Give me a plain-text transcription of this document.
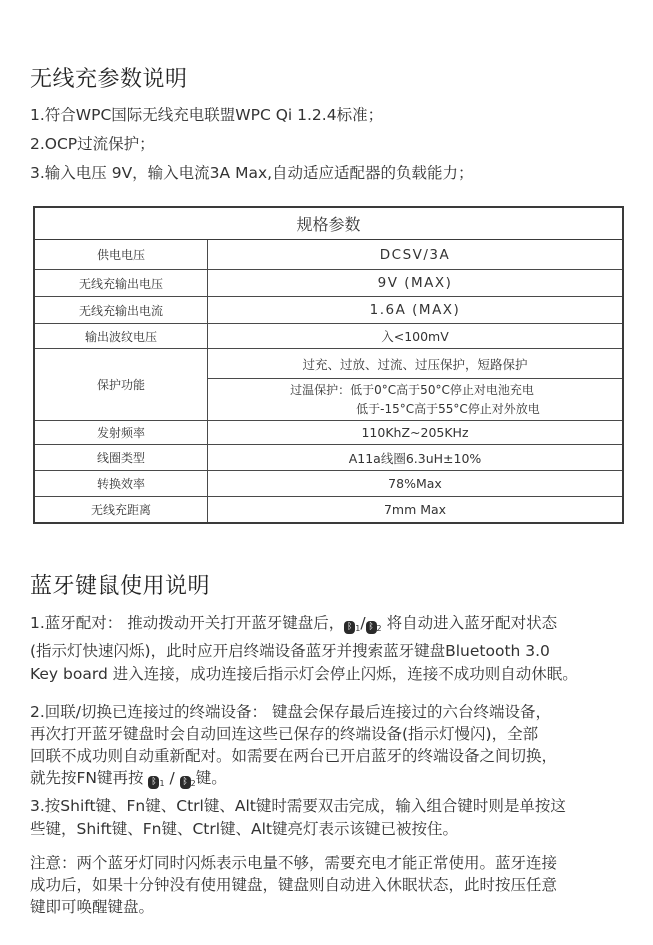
无线充参数说明

1.符合WPC国际无线充电联盟WPC Qi 1.2.4标准；

2.OCP过流保护；

3.输入电压 9V，输入电流3A Max,自动适应适配器的负载能力；

规格参数	
供电电压	DCSV/3A
无线充输出电压	9V (MAX)
无线充输出电流	1.6A (MAX)
输出波纹电压	入<100mV
保护功能	过充、过放、过流、过压保护，短路保护

	过温保护：低于0°C高于50°C停止对电池充电
低于-15°C高于55°C停止对外放电

发射频率	110KhZ~205KHz
线圈类型	A11a线圈6.3uH±10%
转换效率	78%Max
无线充距离	7mm Max
蓝牙键鼠使用说明
1.蓝牙配对： 推动拨动开关打开蓝牙键盘后， ᛒ $_1$/ ᛒ $_2$ 将自动进入蓝牙配对状态
(指示灯快速闪烁)，此时应开启终端设备蓝牙并搜索蓝牙键盘Bluetooth 3.0
Key board 进入连接，成功连接后指示灯会停止闪烁，连接不成功则自动休眠。
2.回联/切换已连接过的终端设备： 键盘会保存最后连接过的六台终端设备，
再次打开蓝牙键盘时会自动回连这些已保存的终端设备(指示灯慢闪)，全部
回联不成功则自动重新配对。如需要在两台已开启蓝牙的终端设备之间切换，
就先按FN键再按 ᛒ $_1$ / ᛒ $_2$键。
3.按Shift键、Fn键、Ctrl键、Alt键时需要双击完成，输入组合键时则是单按这
些键，Shift键、Fn键、Ctrl键、Alt键亮灯表示该键已被按住。
注意：两个蓝牙灯同时闪烁表示电量不够，需要充电才能正常使用。蓝牙连接
成功后，如果十分钟没有使用键盘，键盘则自动进入休眠状态，此时按压任意
键即可唤醒键盘。
